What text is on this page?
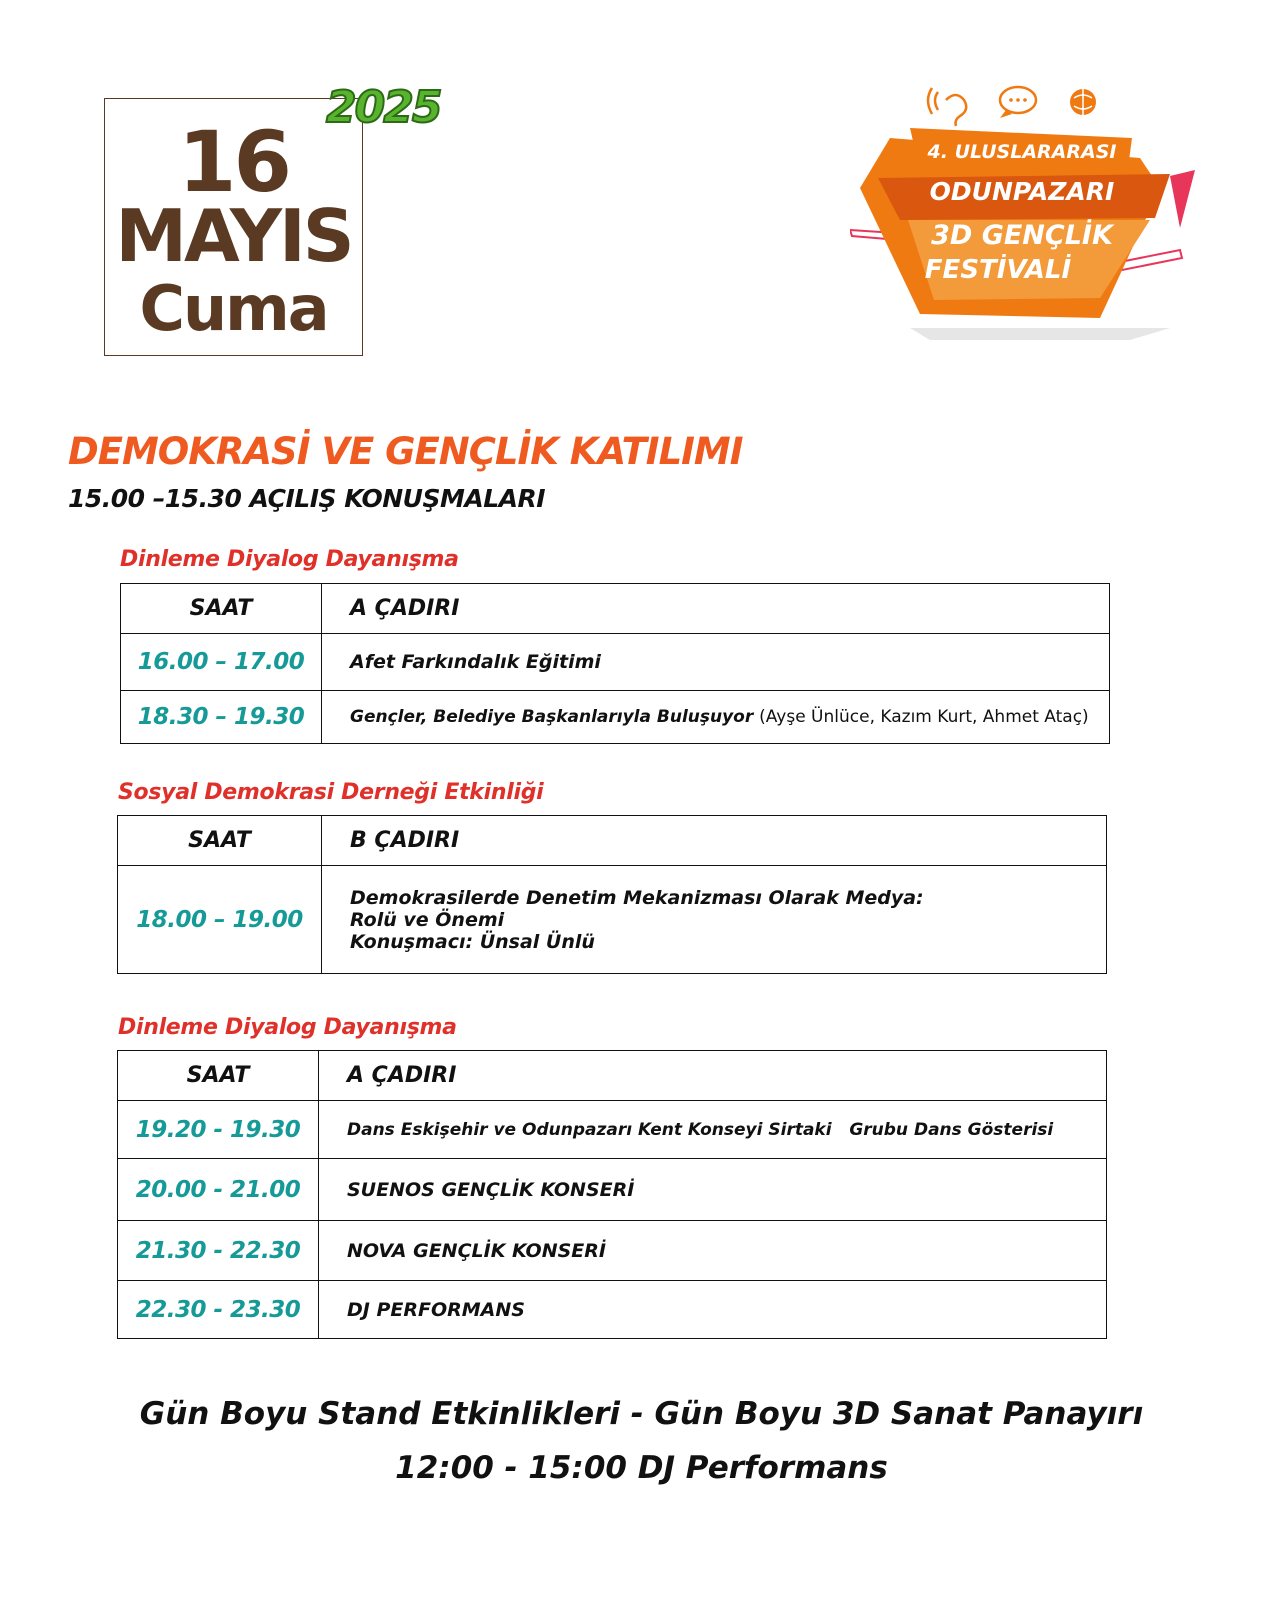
2025
16
MAYIS
Cuma
4. ULUSLARARASI
ODUNPAZARI
3D GENÇLİK
FESTİVALİ
DEMOKRASİ VE GENÇLİK KATILIMI
15.00 –15.30 AÇILIŞ KONUŞMALARI
Dinleme Diyalog Dayanışma
SAAT	A ÇADIRI
16.00 – 17.00	Afet Farkındalık Eğitimi
18.30 – 19.30	Gençler, Belediye Başkanlarıyla Buluşuyor (Ayşe Ünlüce, Kazım Kurt, Ahmet Ataç)
Sosyal Demokrasi Derneği Etkinliği
SAAT	B ÇADIRI
18.00 – 19.00	Demokrasilerde Denetim Mekanizması Olarak Medya:
Rolü ve Önemi
Konuşmacı: Ünsal Ünlü
Dinleme Diyalog Dayanışma
SAAT	A ÇADIRI
19.20 - 19.30	Dans Eskişehir ve Odunpazarı Kent Konseyi Sirtaki   Grubu Dans Gösterisi
20.00 - 21.00	SUENOS GENÇLİK KONSERİ
21.30 - 22.30	NOVA GENÇLİK KONSERİ
22.30 - 23.30	DJ PERFORMANS
Gün Boyu Stand Etkinlikleri - Gün Boyu 3D Sanat Panayırı
12:00 - 15:00 DJ Performans
